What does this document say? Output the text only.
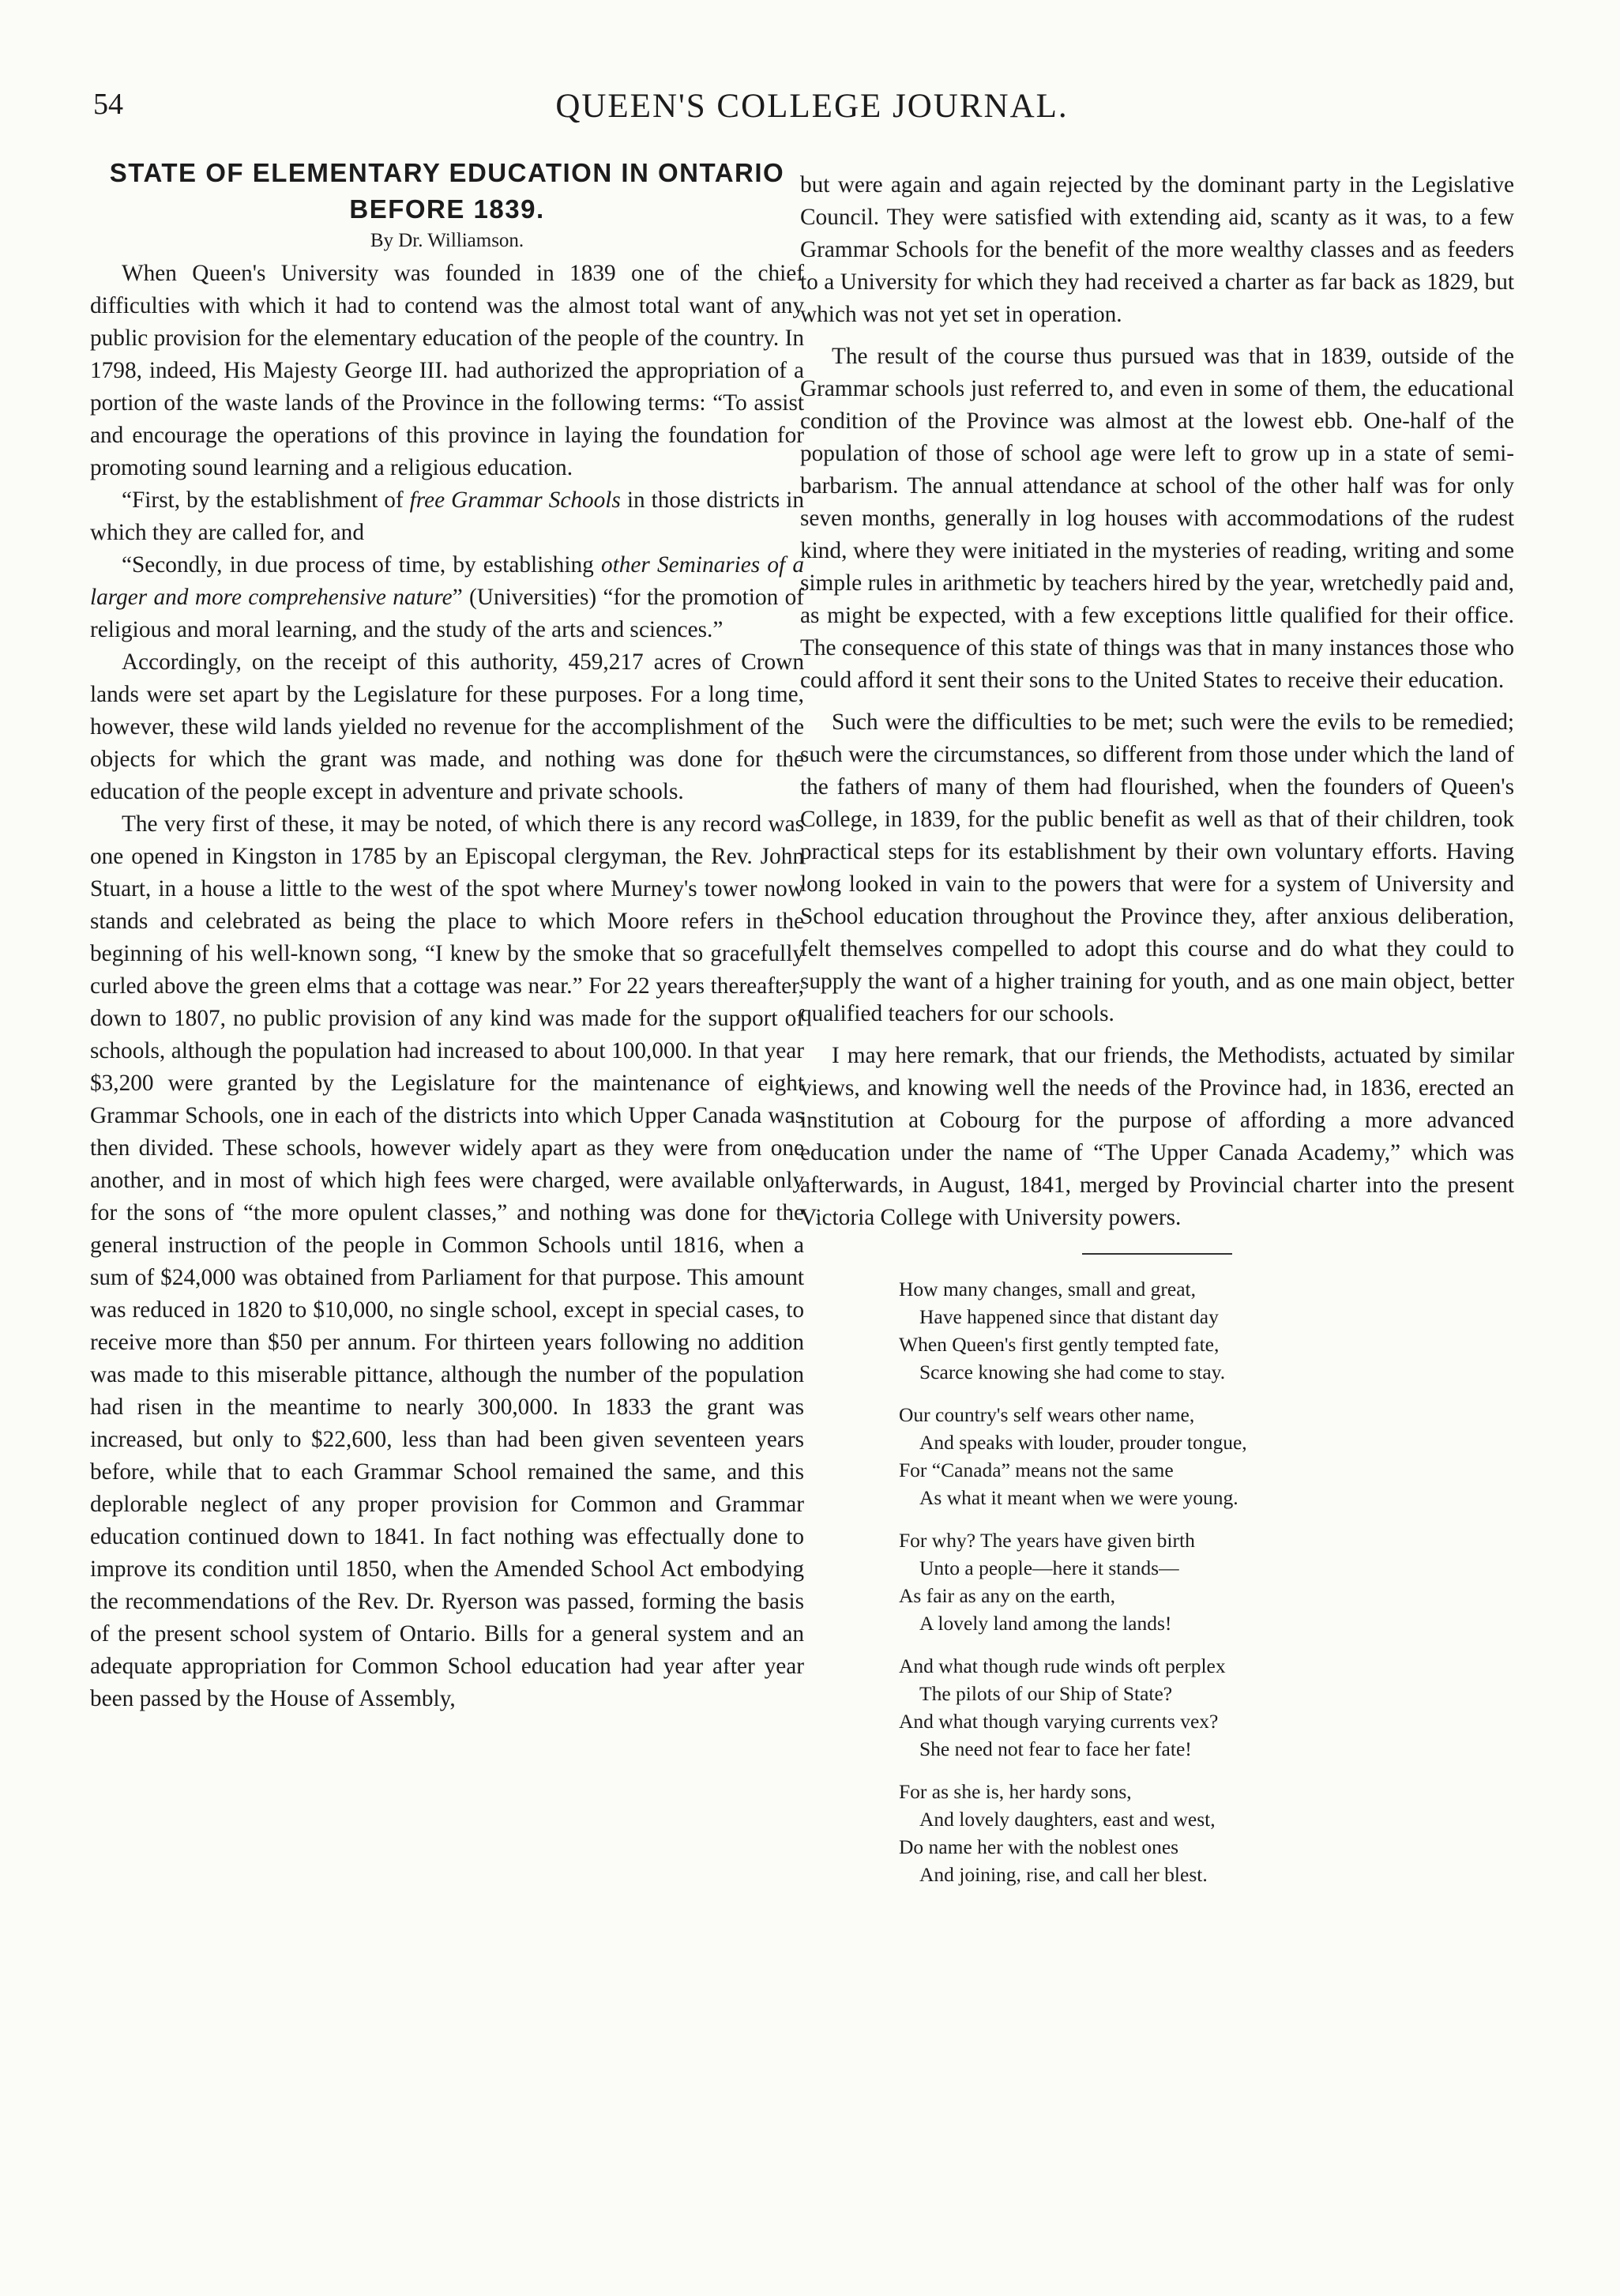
54	QUEEN'S COLLEGE JOURNAL.
STATE OF ELEMENTARY EDUCATION IN ONTARIO BEFORE 1839.
By Dr. Williamson.

When Queen's University was founded in 1839 one of the chief difficulties with which it had to contend was the almost total want of any public provision for the elementary education of the people of the country. In 1798, indeed, His Majesty George III. had authorized the appropriation of a portion of the waste lands of the Province in the following terms: “To assist and encourage the operations of this province in laying the foundation for promoting sound learning and a religious education.

“First, by the establishment of free Grammar Schools in those districts in which they are called for, and

“Secondly, in due process of time, by establishing other Seminaries of a larger and more comprehensive nature” (Universities) “for the promotion of religious and moral learning, and the study of the arts and sciences.”

Accordingly, on the receipt of this authority, 459,217 acres of Crown lands were set apart by the Legislature for these purposes. For a long time, however, these wild lands yielded no revenue for the accomplishment of the objects for which the grant was made, and nothing was done for the education of the people except in adventure and private schools.

The very first of these, it may be noted, of which there is any record was one opened in Kingston in 1785 by an Episcopal clergyman, the Rev. John Stuart, in a house a little to the west of the spot where Murney's tower now stands and celebrated as being the place to which Moore refers in the beginning of his well-known song, “I knew by the smoke that so gracefully curled above the green elms that a cottage was near.” For 22 years thereafter, down to 1807, no public provision of any kind was made for the support of schools, although the population had increased to about 100,000. In that year $3,200 were granted by the Legislature for the maintenance of eight Grammar Schools, one in each of the districts into which Upper Canada was then divided. These schools, however widely apart as they were from one another, and in most of which high fees were charged, were available only for the sons of “the more opulent classes,” and nothing was done for the general instruction of the people in Common Schools until 1816, when a sum of $24,000 was obtained from Parliament for that purpose. This amount was reduced in 1820 to $10,000, no single school, except in special cases, to receive more than $50 per annum. For thirteen years following no addition was made to this miserable pittance, although the number of the population had risen in the meantime to nearly 300,000. In 1833 the grant was increased, but only to $22,600, less than had been given seventeen years before, while that to each Grammar School remained the same, and this deplorable neglect of any proper provision for Common and Grammar education continued down to 1841. In fact nothing was effectually done to improve its condition until 1850, when the Amended School Act embodying the recommendations of the Rev. Dr. Ryerson was passed, forming the basis of the present school system of Ontario. Bills for a general system and an adequate appropriation for Common School education had year after year been passed by the House of Assembly,

but were again and again rejected by the dominant party in the Legislative Council. They were satisfied with extending aid, scanty as it was, to a few Grammar Schools for the benefit of the more wealthy classes and as feeders to a University for which they had received a charter as far back as 1829, but which was not yet set in operation.

The result of the course thus pursued was that in 1839, outside of the Grammar schools just referred to, and even in some of them, the educational condition of the Province was almost at the lowest ebb. One-half of the population of those of school age were left to grow up in a state of semi-barbarism. The annual attendance at school of the other half was for only seven months, generally in log houses with accommodations of the rudest kind, where they were initiated in the mysteries of reading, writing and some simple rules in arithmetic by teachers hired by the year, wretchedly paid and, as might be expected, with a few exceptions little qualified for their office. The consequence of this state of things was that in many instances those who could afford it sent their sons to the United States to receive their education.

Such were the difficulties to be met; such were the evils to be remedied; such were the circumstances, so different from those under which the land of the fathers of many of them had flourished, when the founders of Queen's College, in 1839, for the public benefit as well as that of their children, took practical steps for its establishment by their own voluntary efforts. Having long looked in vain to the powers that were for a system of University and School education throughout the Province they, after anxious deliberation, felt themselves compelled to adopt this course and do what they could to supply the want of a higher training for youth, and as one main object, better qualified teachers for our schools.

I may here remark, that our friends, the Methodists, actuated by similar views, and knowing well the needs of the Province had, in 1836, erected an institution at Cobourg for the purpose of affording a more advanced education under the name of “The Upper Canada Academy,” which was afterwards, in August, 1841, merged by Provincial charter into the present Victoria College with University powers.

How many changes, small and great,
Have happened since that distant day
When Queen's first gently tempted fate,
Scarce knowing she had come to stay.
Our country's self wears other name,
And speaks with louder, prouder tongue,
For “Canada” means not the same
As what it meant when we were young.
For why? The years have given birth
Unto a people—here it stands—
As fair as any on the earth,
A lovely land among the lands!
And what though rude winds oft perplex
The pilots of our Ship of State?
And what though varying currents vex?
She need not fear to face her fate!
For as she is, her hardy sons,
And lovely daughters, east and west,
Do name her with the noblest ones
And joining, rise, and call her blest.
